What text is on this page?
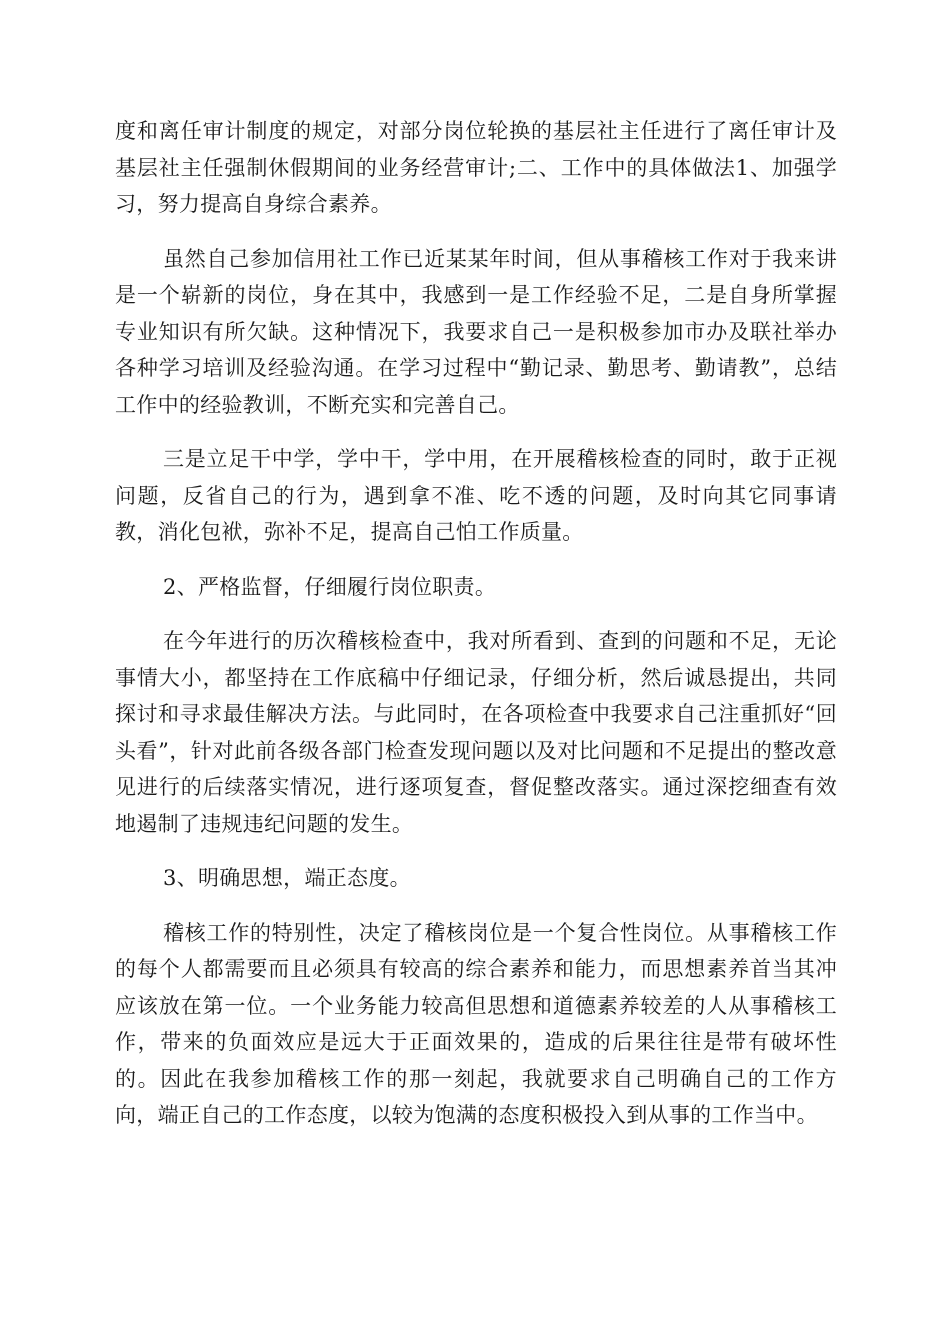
度和离任审计制度的规定，对部分岗位轮换的基层社主任进行了离任审计及基层社主任强制休假期间的业务经营审计;二、工作中的具体做法1、加强学习，努力提高自身综合素养。

虽然自己参加信用社工作已近某某年时间，但从事稽核工作对于我来讲是一个崭新的岗位，身在其中，我感到一是工作经验不足，二是自身所掌握专业知识有所欠缺。这种情况下，我要求自己一是积极参加市办及联社举办各种学习培训及经验沟通。在学习过程中“勤记录、勤思考、勤请教”，总结工作中的经验教训，不断充实和完善自己。

三是立足干中学，学中干，学中用，在开展稽核检查的同时，敢于正视问题，反省自己的行为，遇到拿不准、吃不透的问题，及时向其它同事请教，消化包袱，弥补不足，提高自己怕工作质量。

2、严格监督，仔细履行岗位职责。

在今年进行的历次稽核检查中，我对所看到、查到的问题和不足，无论事情大小，都坚持在工作底稿中仔细记录，仔细分析，然后诚恳提出，共同探讨和寻求最佳解决方法。与此同时，在各项检查中我要求自己注重抓好“回头看”，针对此前各级各部门检查发现问题以及对比问题和不足提出的整改意见进行的后续落实情况，进行逐项复查，督促整改落实。通过深挖细查有效地遏制了违规违纪问题的发生。

3、明确思想，端正态度。

稽核工作的特别性，决定了稽核岗位是一个复合性岗位。从事稽核工作的每个人都需要而且必须具有较高的综合素养和能力，而思想素养首当其冲应该放在第一位。一个业务能力较高但思想和道德素养较差的人从事稽核工作，带来的负面效应是远大于正面效果的，造成的后果往往是带有破坏性的。因此在我参加稽核工作的那一刻起，我就要求自己明确自己的工作方向，端正自己的工作态度，以较为饱满的态度积极投入到从事的工作当中。
